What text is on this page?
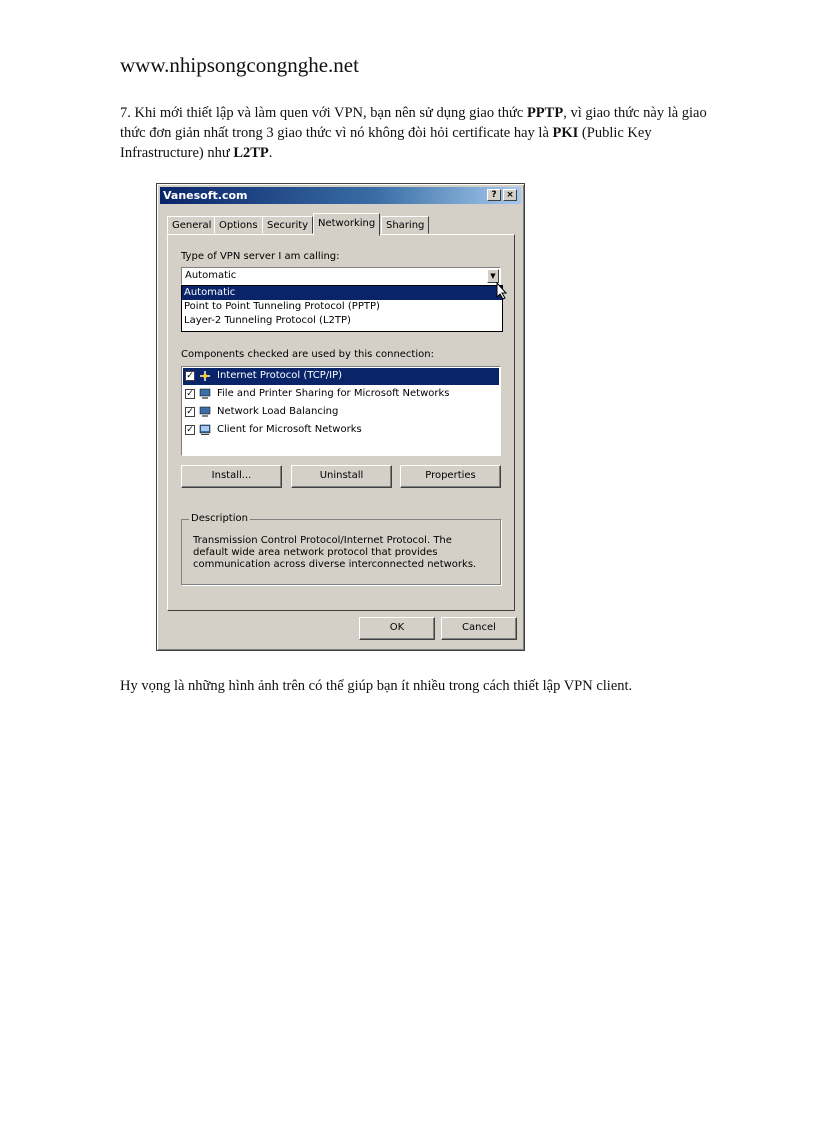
www.nhipsongcongnghe.net
7. Khi mới thiết lập và làm quen với VPN, bạn nên sử dụng giao thức PPTP, vì giao thức này là giao thức đơn giản nhất trong 3 giao thức vì nó không đòi hỏi certificate hay là PKI (Public Key Infrastructure) như L2TP.
Vanesoft.com	?	×
General Options Security Networking	Sharing
Type of VPN server I am calling:
Automatic	▼
Automatic
Point to Point Tunneling Protocol (PPTP)
Layer-2 Tunneling Protocol (L2TP)
Components checked are used by this connection:
✓ Internet Protocol (TCP/IP)
✓ File and Printer Sharing for Microsoft Networks
✓ Network Load Balancing
✓ Client for Microsoft Networks
Install...	Uninstall	Properties
Description
Transmission Control Protocol/Internet Protocol. The default wide area network protocol that provides communication across diverse interconnected networks.
OK	Cancel
Hy vọng là những hình ảnh trên có thể giúp bạn ít nhiều trong cách thiết lập VPN client.
